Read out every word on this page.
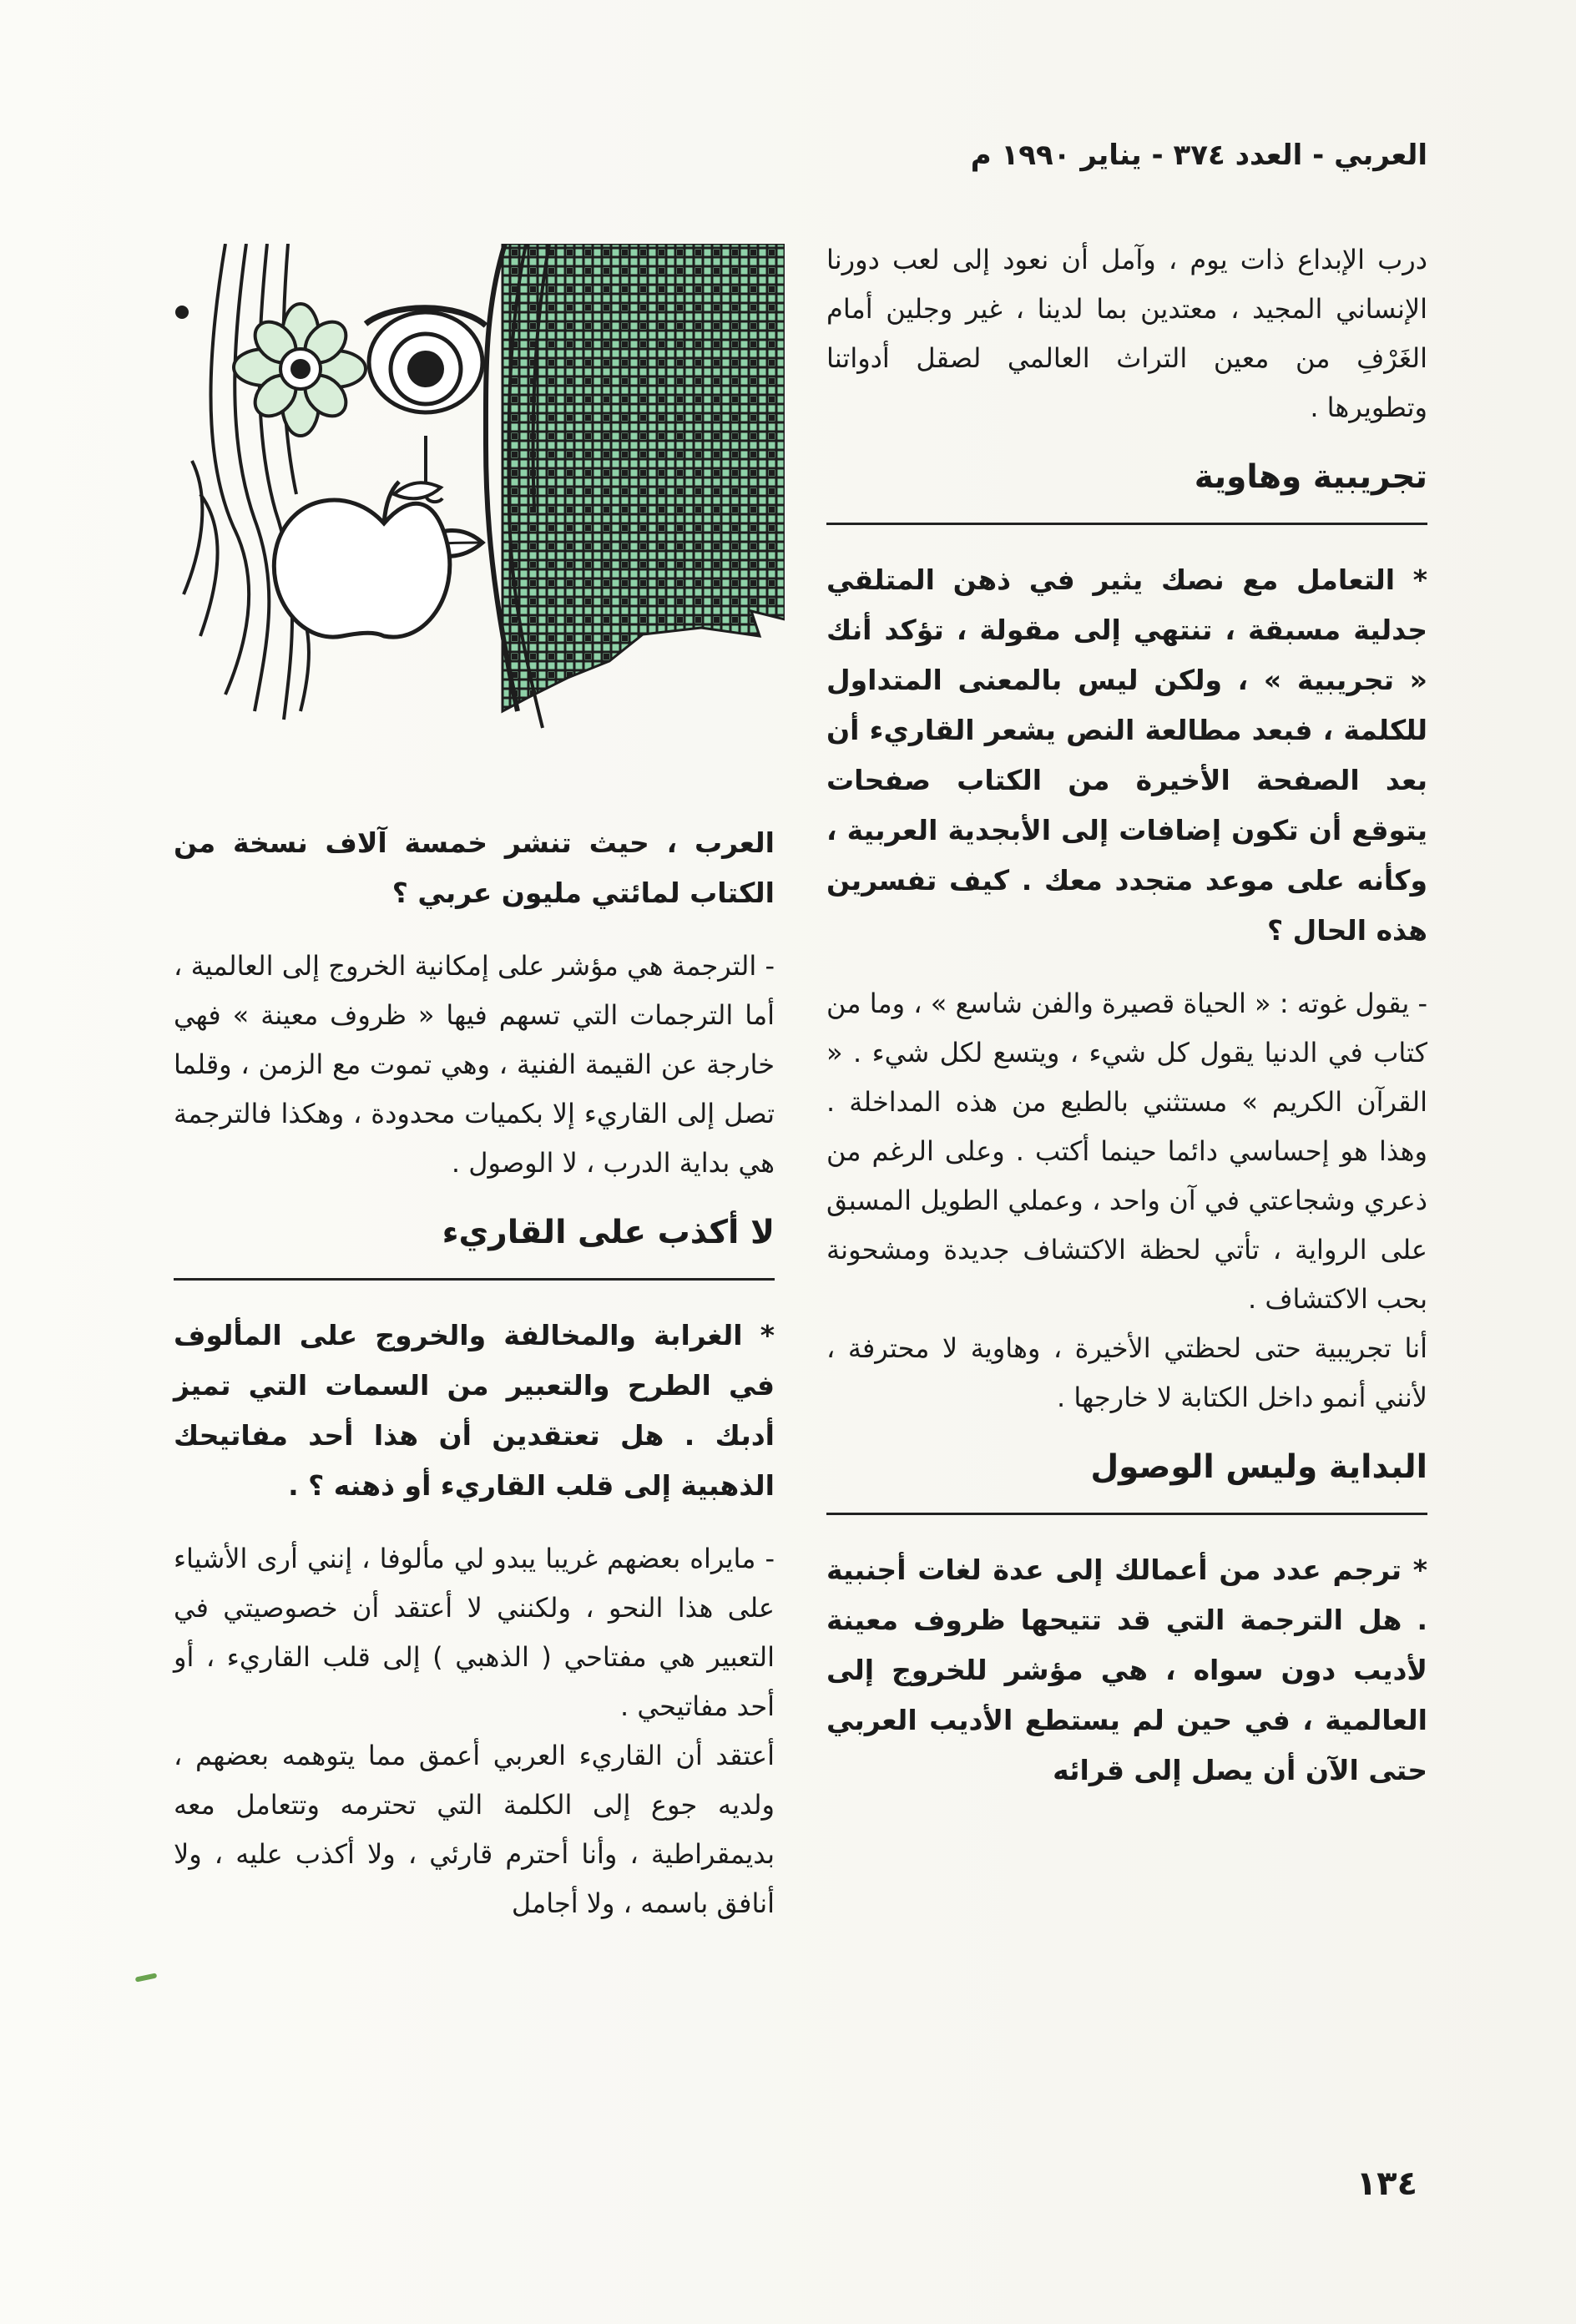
العربي - العدد ٣٧٤ - يناير ١٩٩٠ م

درب الإبداع ذات يوم ، وآمل أن نعود إلى لعب دورنا الإنساني المجيد ، معتدين بما لدينا ، غير وجلين أمام الغَرْفِ من معين التراث العالمي لصقل أدواتنا وتطويرها .

تجريبية وهاوية

* التعامل مع نصك يثير في ذهن المتلقي جدلية مسبقة ، تنتهي إلى مقولة ، تؤكد أنك « تجريبية » ، ولكن ليس بالمعنى المتداول للكلمة ، فبعد مطالعة النص يشعر القاريء أن بعد الصفحة الأخيرة من الكتاب صفحات يتوقع أن تكون إضافات إلى الأبجدية العربية ، وكأنه على موعد متجدد معك . كيف تفسرين هذه الحال ؟

- يقول غوته : « الحياة قصيرة والفن شاسع » ، وما من كتاب في الدنيا يقول كل شيء ، ويتسع لكل شيء . « القرآن الكريم » مستثني بالطبع من هذه المداخلة . وهذا هو إحساسي دائما حينما أكتب . وعلى الرغم من ذعري وشجاعتي في آن واحد ، وعملي الطويل المسبق على الرواية ، تأتي لحظة الاكتشاف جديدة ومشحونة بحب الاكتشاف .

أنا تجريبية حتى لحظتي الأخيرة ، وهاوية لا محترفة ، لأنني أنمو داخل الكتابة لا خارجها .

البداية وليس الوصول

* ترجم عدد من أعمالك إلى عدة لغات أجنبية . هل الترجمة التي قد تتيحها ظروف معينة لأديب دون سواه ، هي مؤشر للخروج إلى العالمية ، في حين لم يستطع الأديب العربي حتى الآن أن يصل إلى قرائه

العرب ، حيث تنشر خمسة آلاف نسخة من الكتاب لمائتي مليون عربي ؟

- الترجمة هي مؤشر على إمكانية الخروج إلى العالمية ، أما الترجمات التي تسهم فيها « ظروف معينة » فهي خارجة عن القيمة الفنية ، وهي تموت مع الزمن ، وقلما تصل إلى القاريء إلا بكميات محدودة ، وهكذا فالترجمة هي بداية الدرب ، لا الوصول .

لا أكذب على القاريء

* الغرابة والمخالفة والخروج على المألوف في الطرح والتعبير من السمات التي تميز أدبك . هل تعتقدين أن هذا أحد مفاتيحك الذهبية إلى قلب القاريء أو ذهنه ؟ .

- مايراه بعضهم غريبا يبدو لي مألوفا ، إنني أرى الأشياء على هذا النحو ، ولكنني لا أعتقد أن خصوصيتي في التعبير هي مفتاحي ( الذهبي ) إلى قلب القاريء ، أو أحد مفاتيحي .

أعتقد أن القاريء العربي أعمق مما يتوهمه بعضهم ، ولديه جوع إلى الكلمة التي تحترمه وتتعامل معه بديمقراطية ، وأنا أحترم قارئي ، ولا أكذب عليه ، ولا أنافق باسمه ، ولا أجامل

١٣٤
